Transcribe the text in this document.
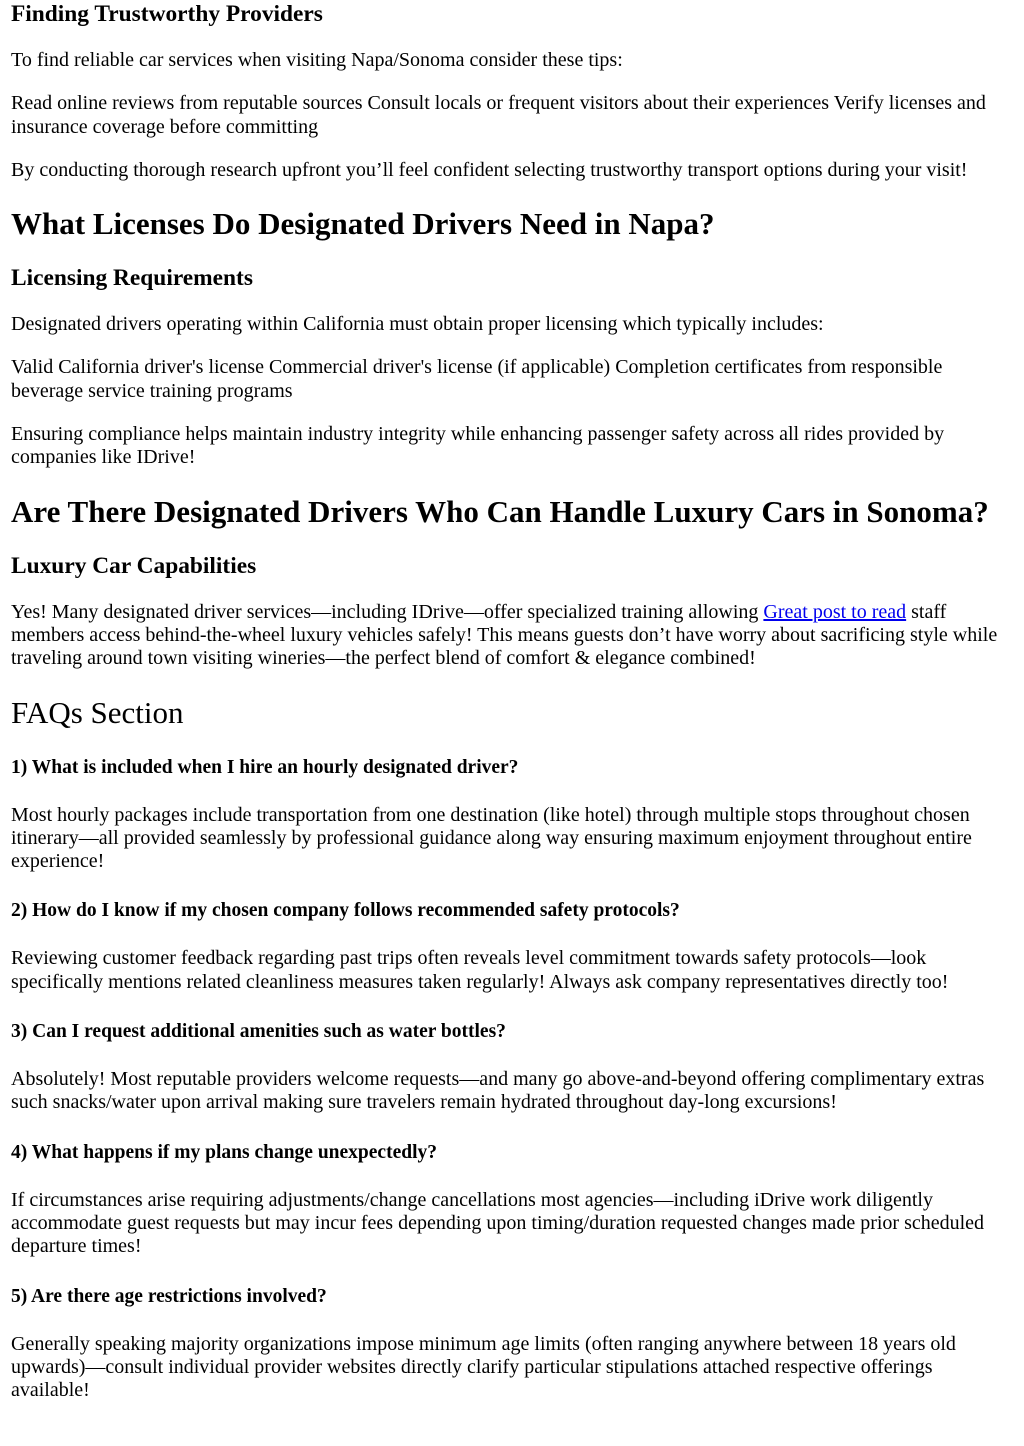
Finding Trustworthy Providers

To find reliable car services when visiting Napa/Sonoma consider these tips:

Read online reviews from reputable sources Consult locals or frequent visitors about their experiences Verify licenses and insurance coverage before committing

By conducting thorough research upfront you’ll feel confident selecting trustworthy transport options during your visit!

What Licenses Do Designated Drivers Need in Napa?
Licensing Requirements

Designated drivers operating within California must obtain proper licensing which typically includes:

Valid California driver's license Commercial driver's license (if applicable) Completion certificates from responsible beverage service training programs

Ensuring compliance helps maintain industry integrity while enhancing passenger safety across all rides provided by companies like IDrive!

Are There Designated Drivers Who Can Handle Luxury Cars in Sonoma?
Luxury Car Capabilities

Yes! Many designated driver services—including IDrive—offer specialized training allowing Great post to read staff members access behind-the-wheel luxury vehicles safely! This means guests don’t have worry about sacrificing style while traveling around town visiting wineries—the perfect blend of comfort & elegance combined!

FAQs Section
1) What is included when I hire an hourly designated driver?

Most hourly packages include transportation from one destination (like hotel) through multiple stops throughout chosen itinerary—all provided seamlessly by professional guidance along way ensuring maximum enjoyment throughout entire experience!

2) How do I know if my chosen company follows recommended safety protocols?

Reviewing customer feedback regarding past trips often reveals level commitment towards safety protocols—look specifically mentions related cleanliness measures taken regularly! Always ask company representatives directly too!

3) Can I request additional amenities such as water bottles?

Absolutely! Most reputable providers welcome requests—and many go above-and-beyond offering complimentary extras such snacks/water upon arrival making sure travelers remain hydrated throughout day-long excursions!

4) What happens if my plans change unexpectedly?

If circumstances arise requiring adjustments/change cancellations most agencies—including iDrive work diligently accommodate guest requests but may incur fees depending upon timing/duration requested changes made prior scheduled departure times!

5) Are there age restrictions involved?

Generally speaking majority organizations impose minimum age limits (often ranging anywhere between 18 years old upwards)—consult individual provider websites directly clarify particular stipulations attached respective offerings available!
